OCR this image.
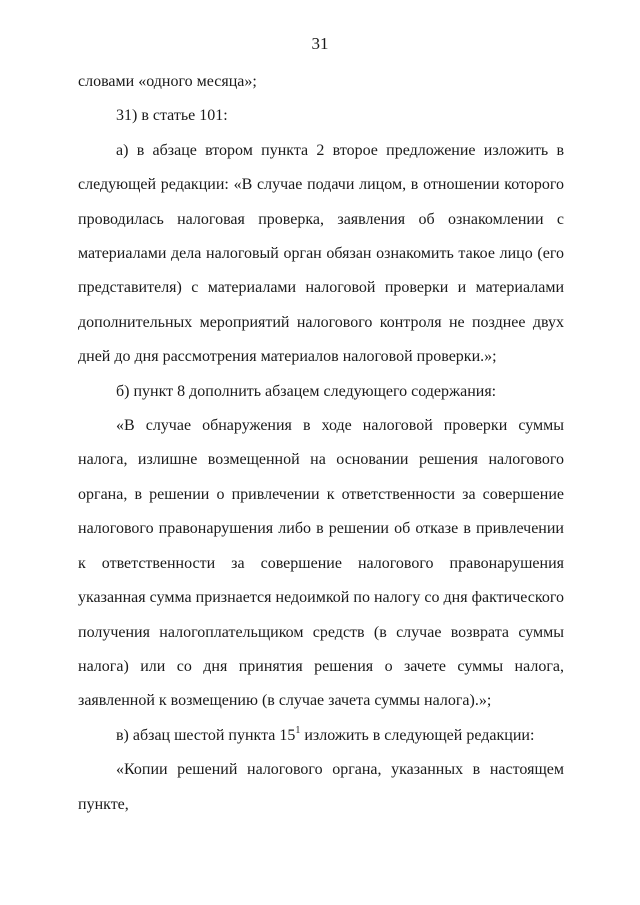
31

словами «одного месяца»;

31) в статье 101:

а) в абзаце втором пункта 2 второе предложение изложить в следующей редакции: «В случае подачи лицом, в отношении которого проводилась налоговая проверка, заявления об ознакомлении с материалами дела налоговый орган обязан ознакомить такое лицо (его представителя) с материалами налоговой проверки и материалами дополнительных мероприятий налогового контроля не позднее двух дней до дня рассмотрения материалов налоговой проверки.»;

б) пункт 8 дополнить абзацем следующего содержания:

«В случае обнаружения в ходе налоговой проверки суммы налога, излишне возмещенной на основании решения налогового органа, в решении о привлечении к ответственности за совершение налогового правонарушения либо в решении об отказе в привлечении к ответственности за совершение налогового правонарушения указанная сумма признается недоимкой по налогу со дня фактического получения налогоплательщиком средств (в случае возврата суммы налога) или со дня принятия решения о зачете суммы налога, заявленной к возмещению (в случае зачета суммы налога).»;

в) абзац шестой пункта $15^1$ изложить в следующей редакции:

«Копии решений налогового органа, указанных в настоящем пункте,
